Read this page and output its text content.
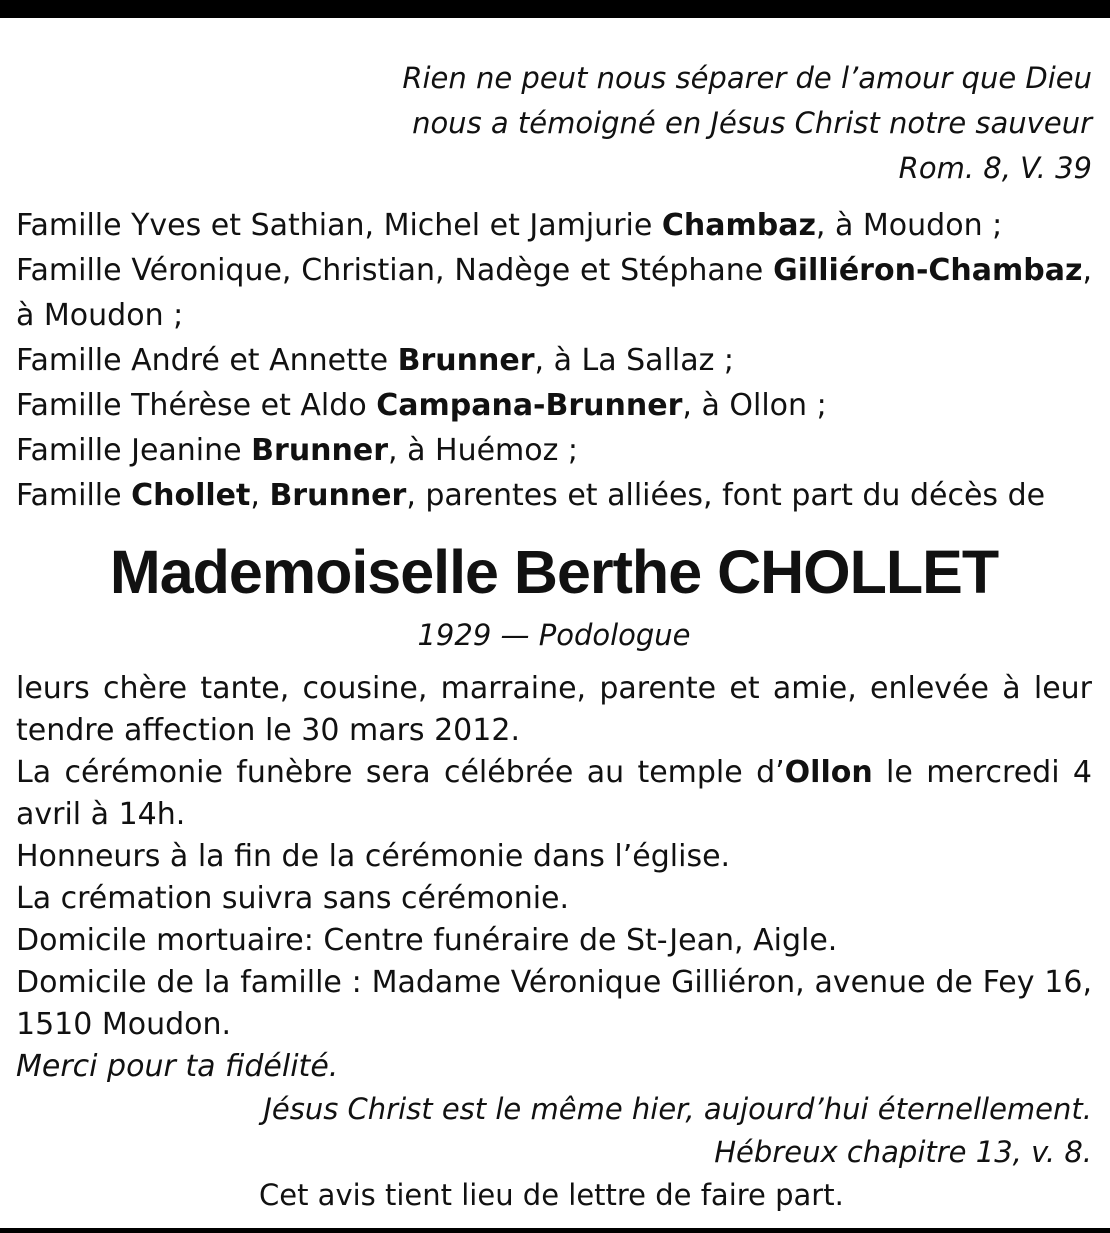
Rien ne peut nous séparer de l’amour que Dieu
nous a témoigné en Jésus Christ notre sauveur
Rom. 8, V. 39
Famille Yves et Sathian, Michel et Jamjurie Chambaz, à Moudon ;
Famille Véronique, Christian, Nadège et Stéphane Gilliéron-Chambaz, à Moudon ;
Famille André et Annette Brunner, à La Sallaz ;
Famille Thérèse et Aldo Campana-Brunner, à Ollon ;
Famille Jeanine Brunner, à Huémoz ;
Famille Chollet, Brunner, parentes et alliées, font part du décès de
Mademoiselle Berthe CHOLLET
1929 — Podologue
leurs chère tante, cousine, marraine, parente et amie, enlevée à leur tendre affection le 30 mars 2012.
La cérémonie funèbre sera célébrée au temple d’Ollon le mercredi 4 avril à 14h.
Honneurs à la fin de la cérémonie dans l’église.
La crémation suivra sans cérémonie.
Domicile mortuaire: Centre funéraire de St-Jean, Aigle.
Domicile de la famille : Madame Véronique Gilliéron, avenue de Fey 16, 1510 Moudon.
Merci pour ta fidélité.
Jésus Christ est le même hier, aujourd’hui éternellement.
Hébreux chapitre 13, v. 8.
Cet avis tient lieu de lettre de faire part.
